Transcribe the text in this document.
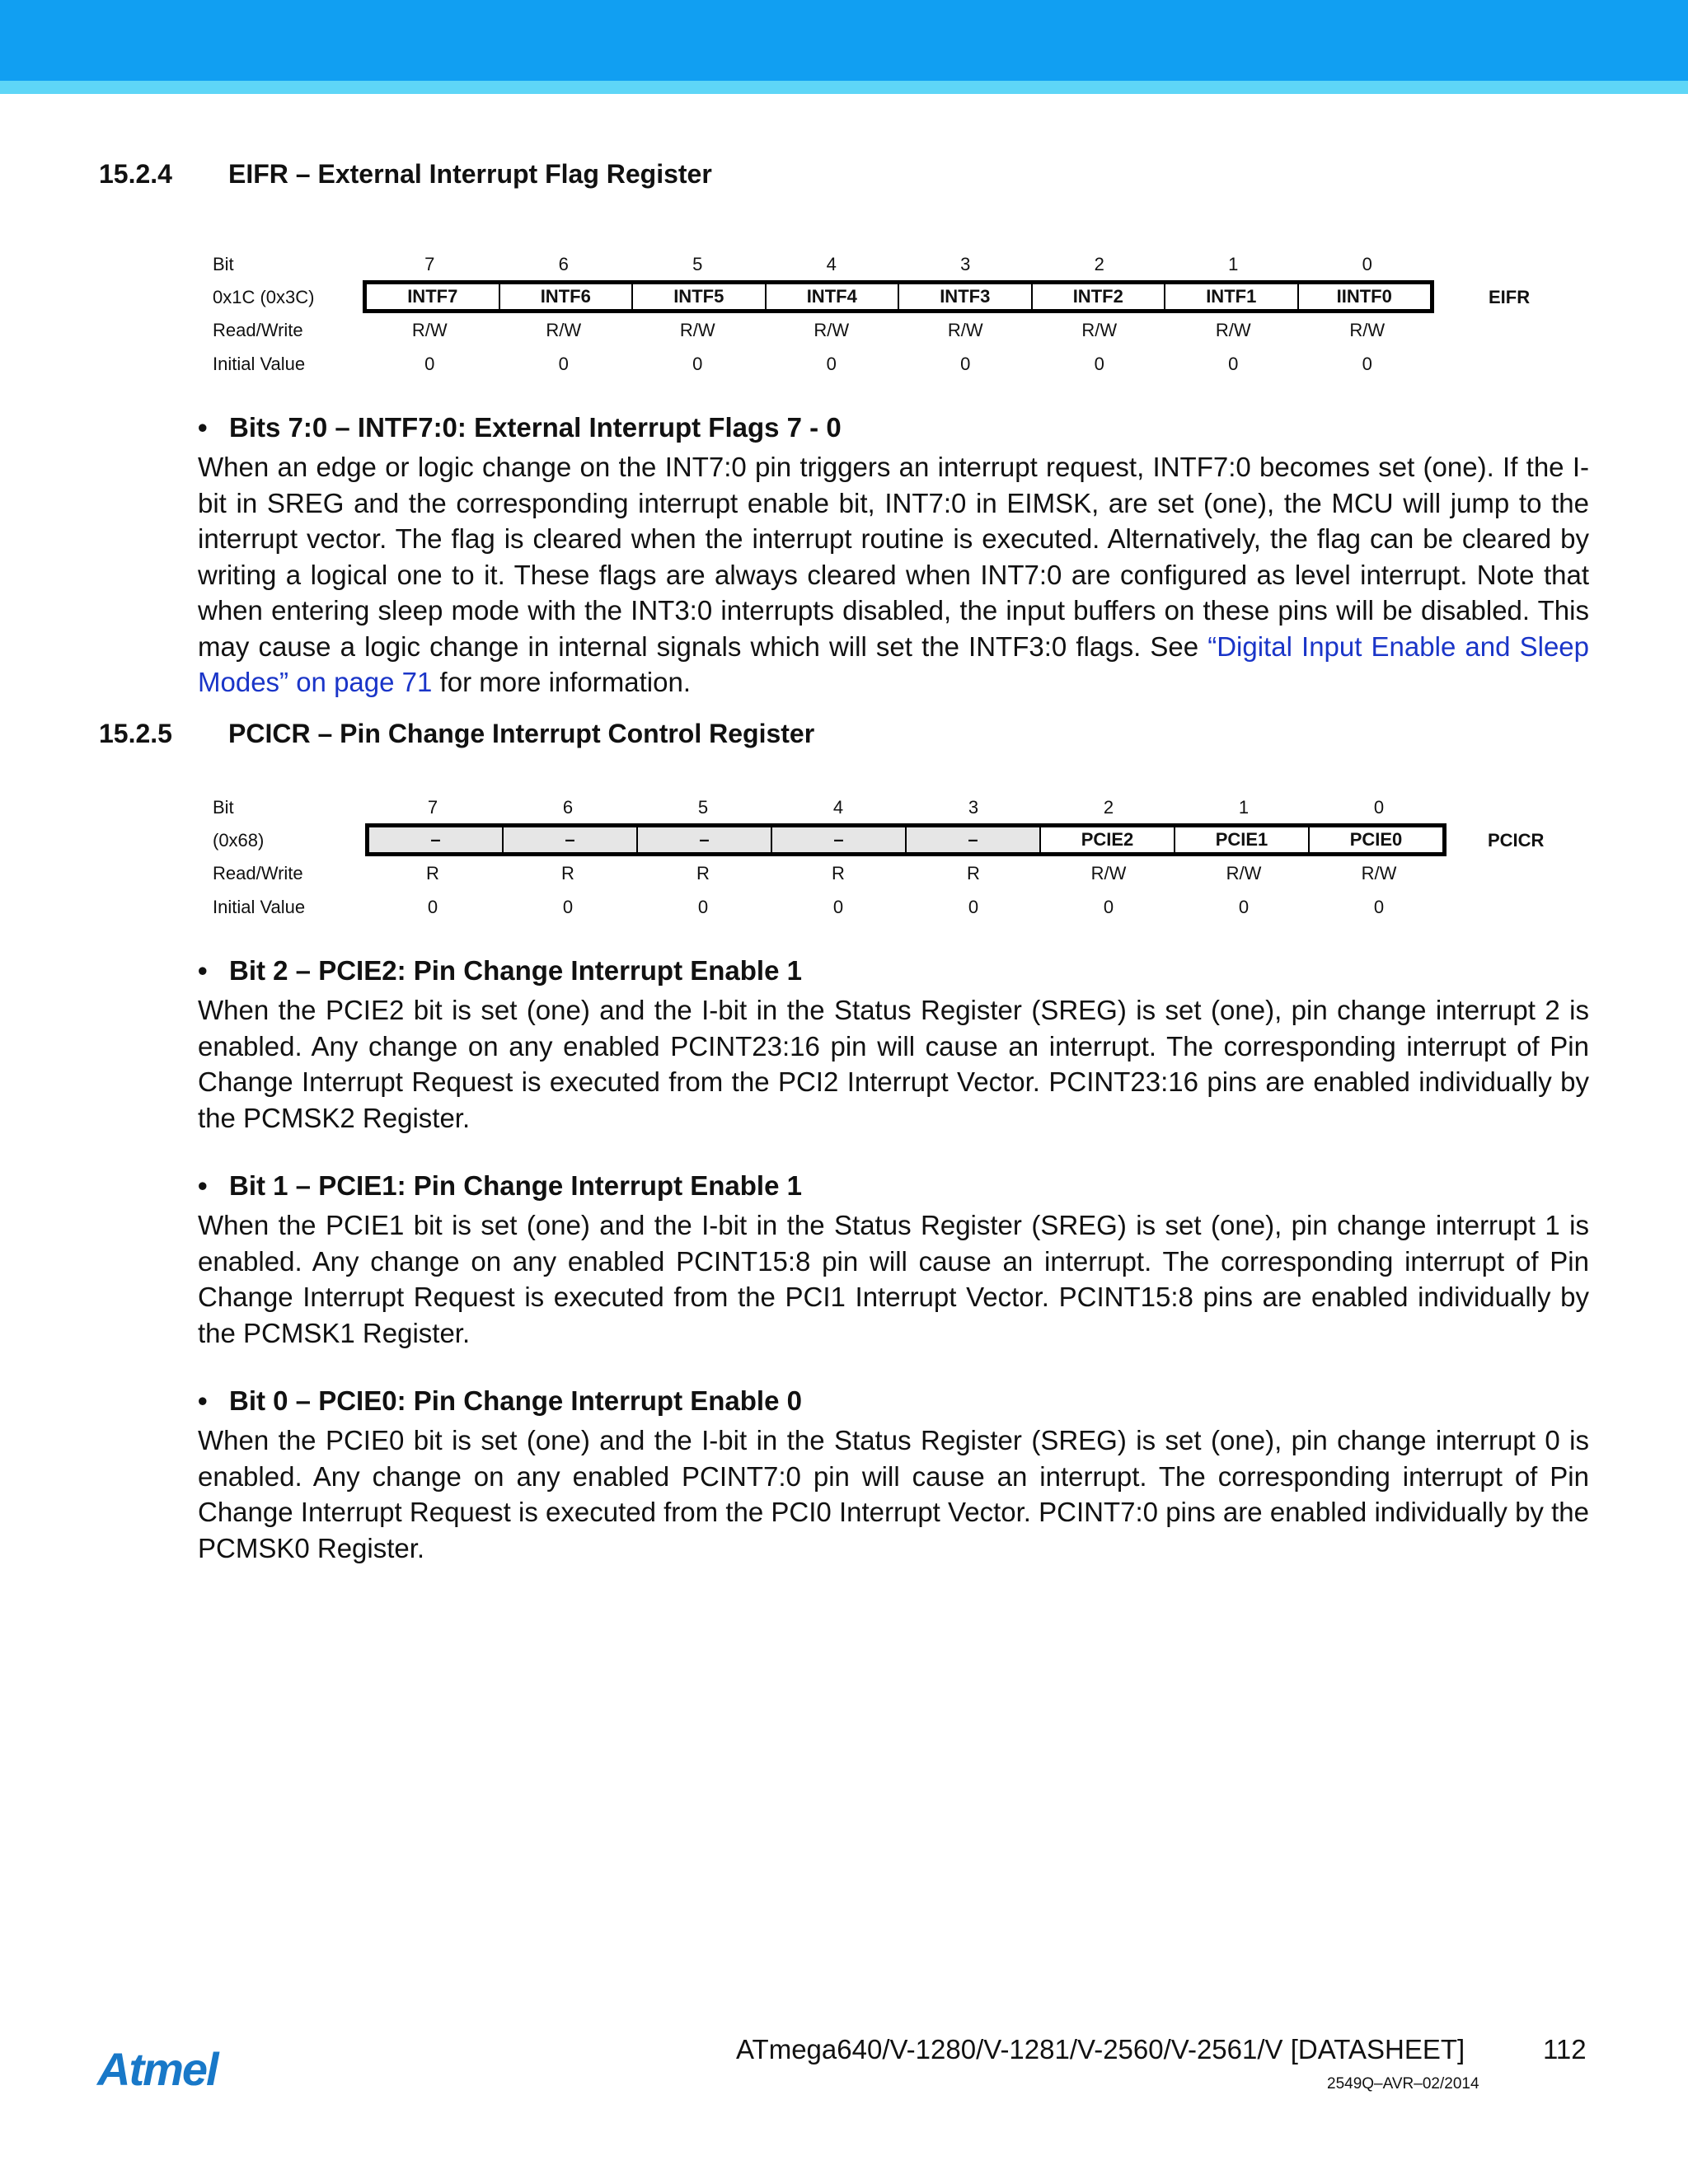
15.2.4 EIFR – External Interrupt Flag Register
Bit	7	6	5	4	3	2	1	0
0x1C (0x3C)	INTF7	INTF6	INTF5	INTF4	INTF3	INTF2	INTF1	IINTF0	EIFR
Read/Write	R/W	R/W	R/W	R/W	R/W	R/W	R/W	R/W
Initial Value	0	0	0	0	0	0	0	0
• Bits 7:0 – INTF7:0: External Interrupt Flags 7 - 0

When an edge or logic change on the INT7:0 pin triggers an interrupt request, INTF7:0 becomes set (one). If the I-bit in SREG and the corresponding interrupt enable bit, INT7:0 in EIMSK, are set (one), the MCU will jump to the interrupt vector. The flag is cleared when the interrupt routine is executed. Alternatively, the flag can be cleared by writing a logical one to it. These flags are always cleared when INT7:0 are configured as level interrupt. Note that when entering sleep mode with the INT3:0 interrupts disabled, the input buffers on these pins will be disabled. This may cause a logic change in internal signals which will set the INTF3:0 flags. See “Digital Input Enable and Sleep Modes” on page 71 for more information.

15.2.5 PCICR – Pin Change Interrupt Control Register
Bit	7	6	5	4	3	2	1	0
(0x68)	–	–	–	–	–	PCIE2	PCIE1	PCIE0	PCICR
Read/Write	R	R	R	R	R	R/W	R/W	R/W
Initial Value	0	0	0	0	0	0	0	0
• Bit 2 – PCIE2: Pin Change Interrupt Enable 1

When the PCIE2 bit is set (one) and the I-bit in the Status Register (SREG) is set (one), pin change interrupt 2 is enabled. Any change on any enabled PCINT23:16 pin will cause an interrupt. The corresponding interrupt of Pin Change Interrupt Request is executed from the PCI2 Interrupt Vector. PCINT23:16 pins are enabled individually by the PCMSK2 Register.

• Bit 1 – PCIE1: Pin Change Interrupt Enable 1

When the PCIE1 bit is set (one) and the I-bit in the Status Register (SREG) is set (one), pin change interrupt 1 is enabled. Any change on any enabled PCINT15:8 pin will cause an interrupt. The corresponding interrupt of Pin Change Interrupt Request is executed from the PCI1 Interrupt Vector. PCINT15:8 pins are enabled individually by the PCMSK1 Register.

• Bit 0 – PCIE0: Pin Change Interrupt Enable 0

When the PCIE0 bit is set (one) and the I-bit in the Status Register (SREG) is set (one), pin change interrupt 0 is enabled. Any change on any enabled PCINT7:0 pin will cause an interrupt. The corresponding interrupt of Pin Change Interrupt Request is executed from the PCI0 Interrupt Vector. PCINT7:0 pins are enabled individually by the PCMSK0 Register.

Atmel	ATmega640/V-1280/V-1281/V-2560/V-2561/V [DATASHEET]	112
2549Q–AVR–02/2014
